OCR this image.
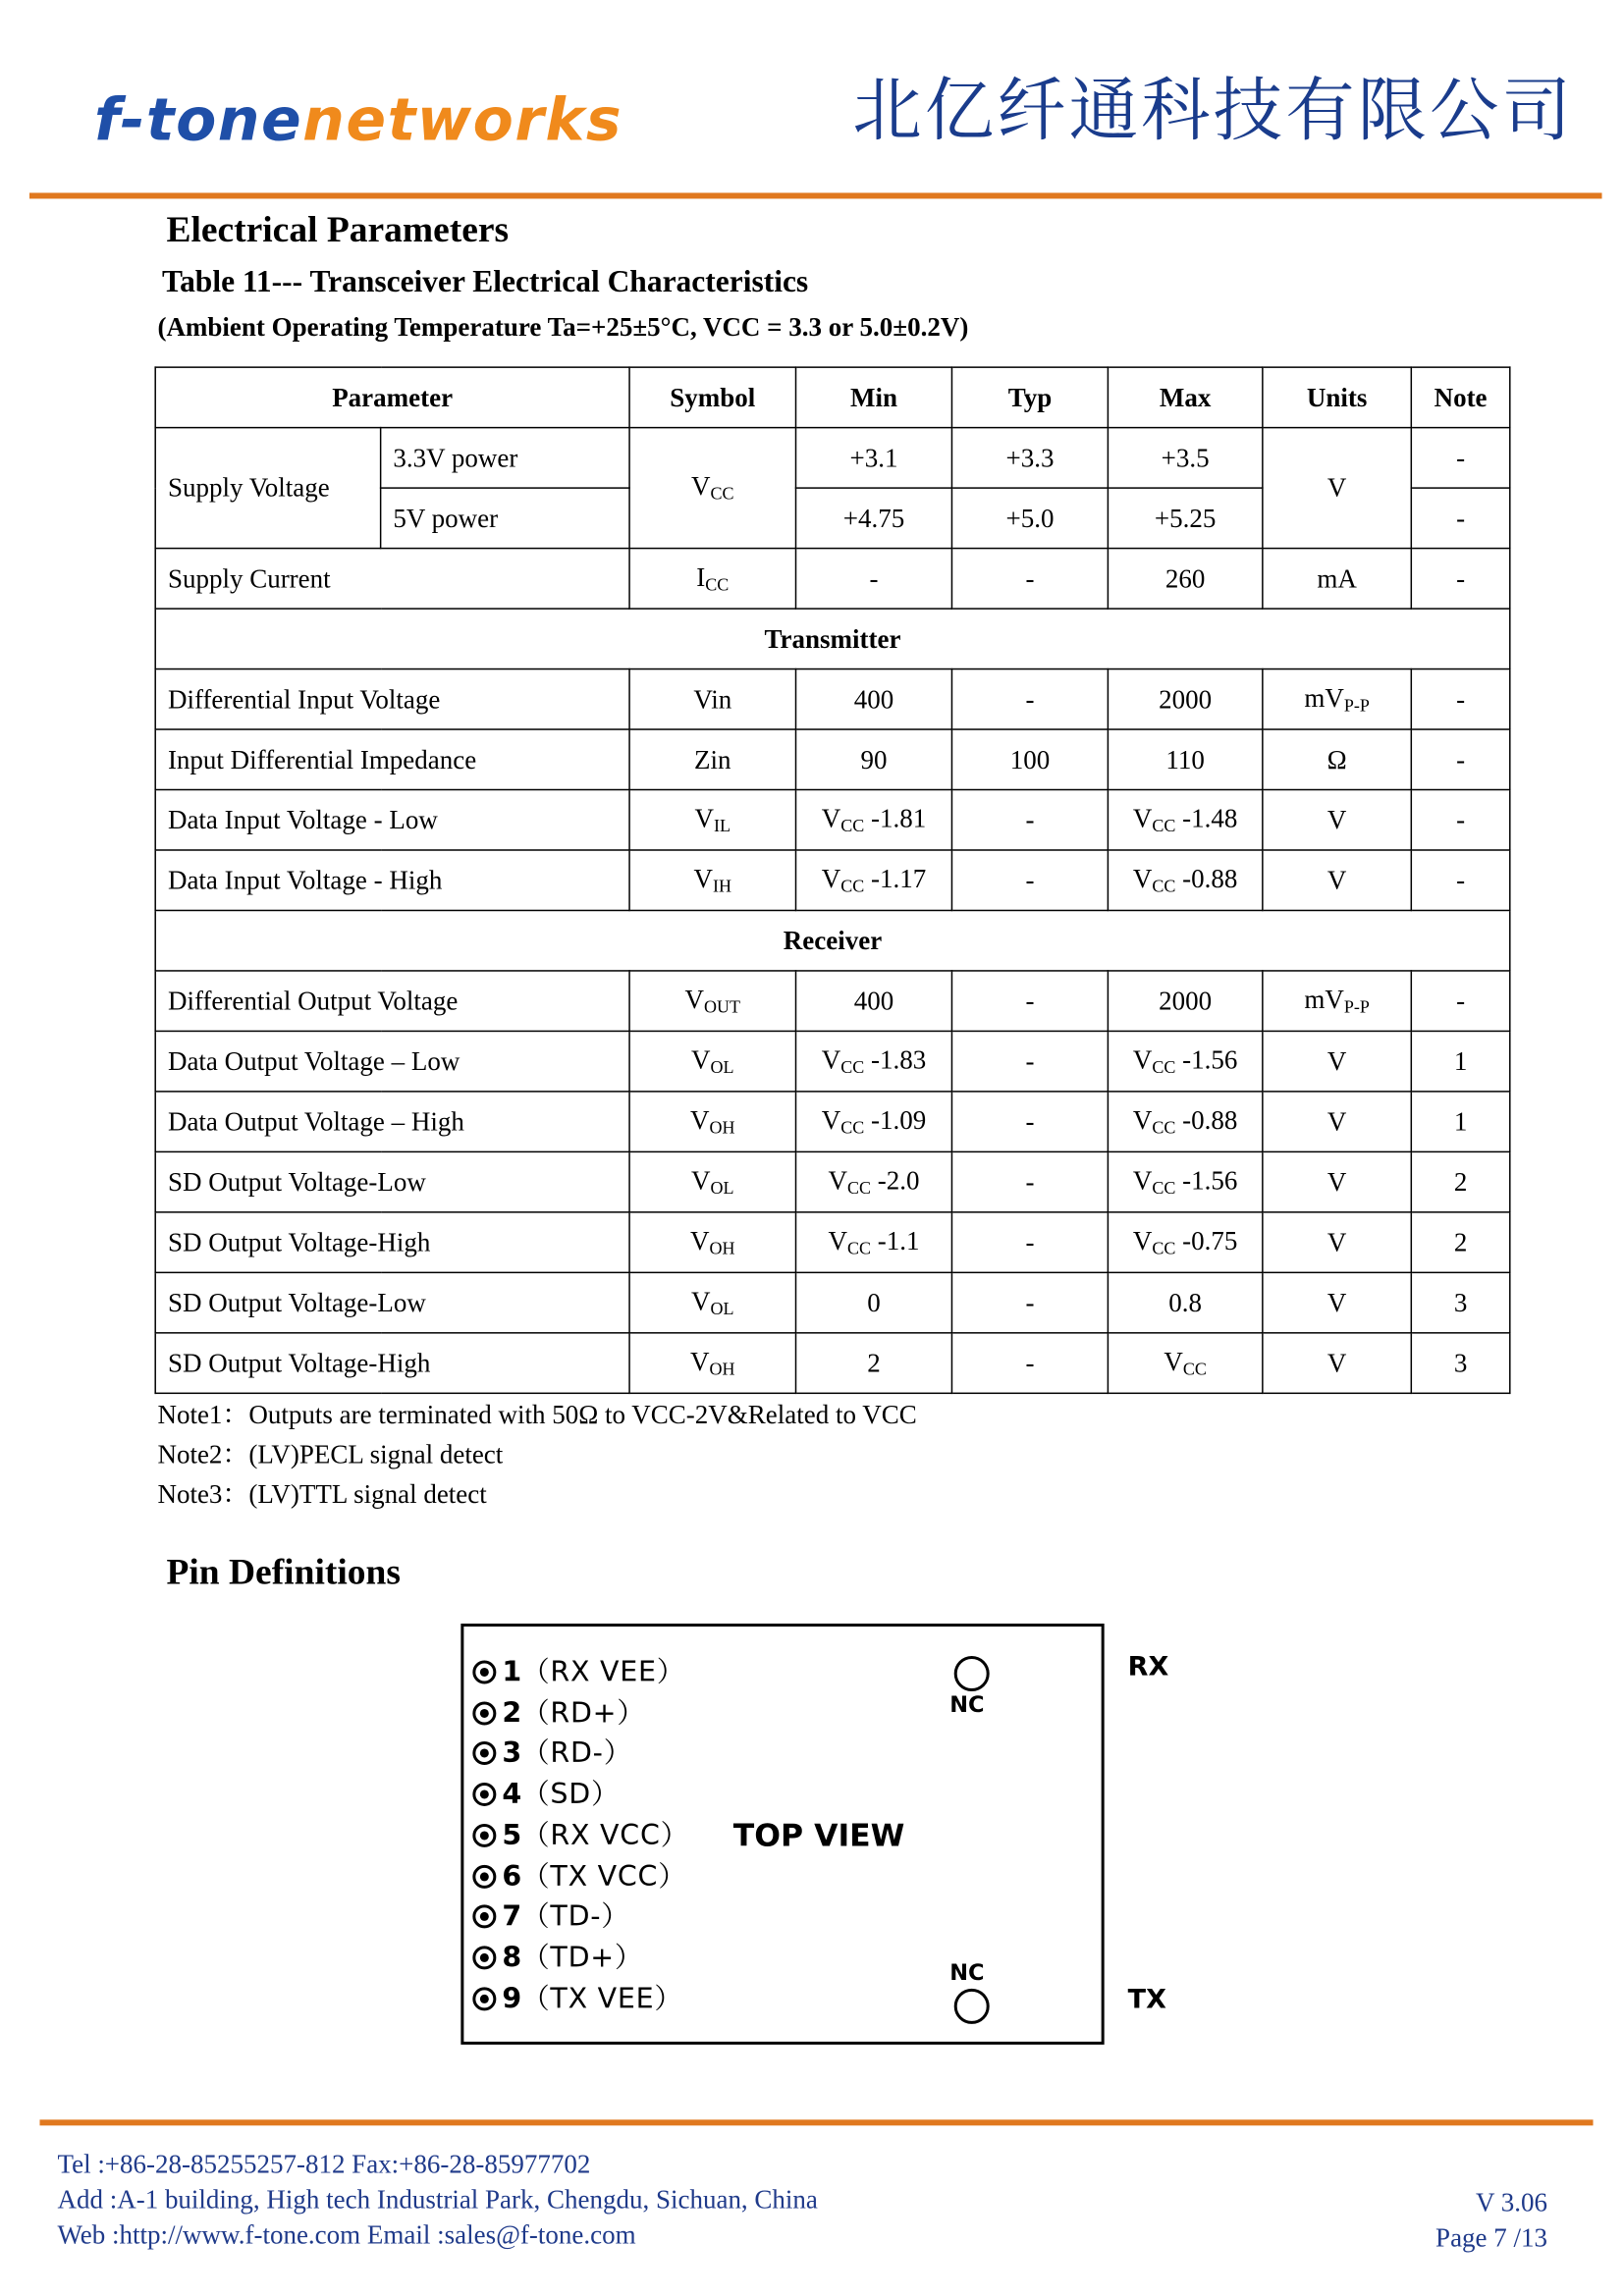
f-tonenetworks	北亿纤通科技有限公司
Electrical Parameters
Table 11--- Transceiver Electrical Characteristics
(Ambient Operating Temperature Ta=+25±5°C, VCC = 3.3 or 5.0±0.2V)
Parameter		Symbol	Min	Typ	Max	Units	Note
Supply Voltage	3.3V power	$V_{CC}$	+3.1	+3.3	+3.5	V	-
	5V power		+4.75	+5.0	+5.25		-
Supply Current		$I_{CC}$	-	-	260	mA	-
Transmitter							
Differential Input Voltage		Vin	400	-	2000	$mV_{P-P}$	-
Input Differential Impedance		Zin	90	100	110	Ω	-
Data Input Voltage - Low		$V_{IL}$	$V_{CC}$ -1.81	-	$V_{CC}$ -1.48	V	-
Data Input Voltage - High		$V_{IH}$	$V_{CC}$ -1.17	-	$V_{CC}$ -0.88	V	-
Receiver							
Differential Output Voltage		$V_{OUT}$	400	-	2000	$mV_{P-P}$	-
Data Output Voltage – Low		$V_{OL}$	$V_{CC}$ -1.83	-	$V_{CC}$ -1.56	V	1
Data Output Voltage – High		$V_{OH}$	$V_{CC}$ -1.09	-	$V_{CC}$ -0.88	V	1
SD Output Voltage-Low		$V_{OL}$	$V_{CC}$ -2.0	-	$V_{CC}$ -1.56	V	2
SD Output Voltage-High		$V_{OH}$	$V_{CC}$ -1.1	-	$V_{CC}$ -0.75	V	2
SD Output Voltage-Low		$V_{OL}$	0	-	0.8	V	3
SD Output Voltage-High		$V_{OH}$	2	-	$V_{CC}$	V	3
Note1：Outputs are terminated with 50Ω to VCC-2V&Related to VCC
Note2：(LV)PECL signal detect
Note3：(LV)TTL signal detect
Pin Definitions
1（RX VEE）
2（RD+）
3（RD-）
4（SD）
5（RX VCC）
6（TX VCC）
7（TD-）
8（TD+）
9（TX VEE）
TOP VIEW
NC
NC
RX
TX
Tel :+86-28-85255257-812 Fax:+86-28-85977702
Add :A-1 building, High tech Industrial Park, Chengdu, Sichuan, China
Web :http://www.f-tone.com Email :sales@f-tone.com
V 3.06
Page 7 /13
